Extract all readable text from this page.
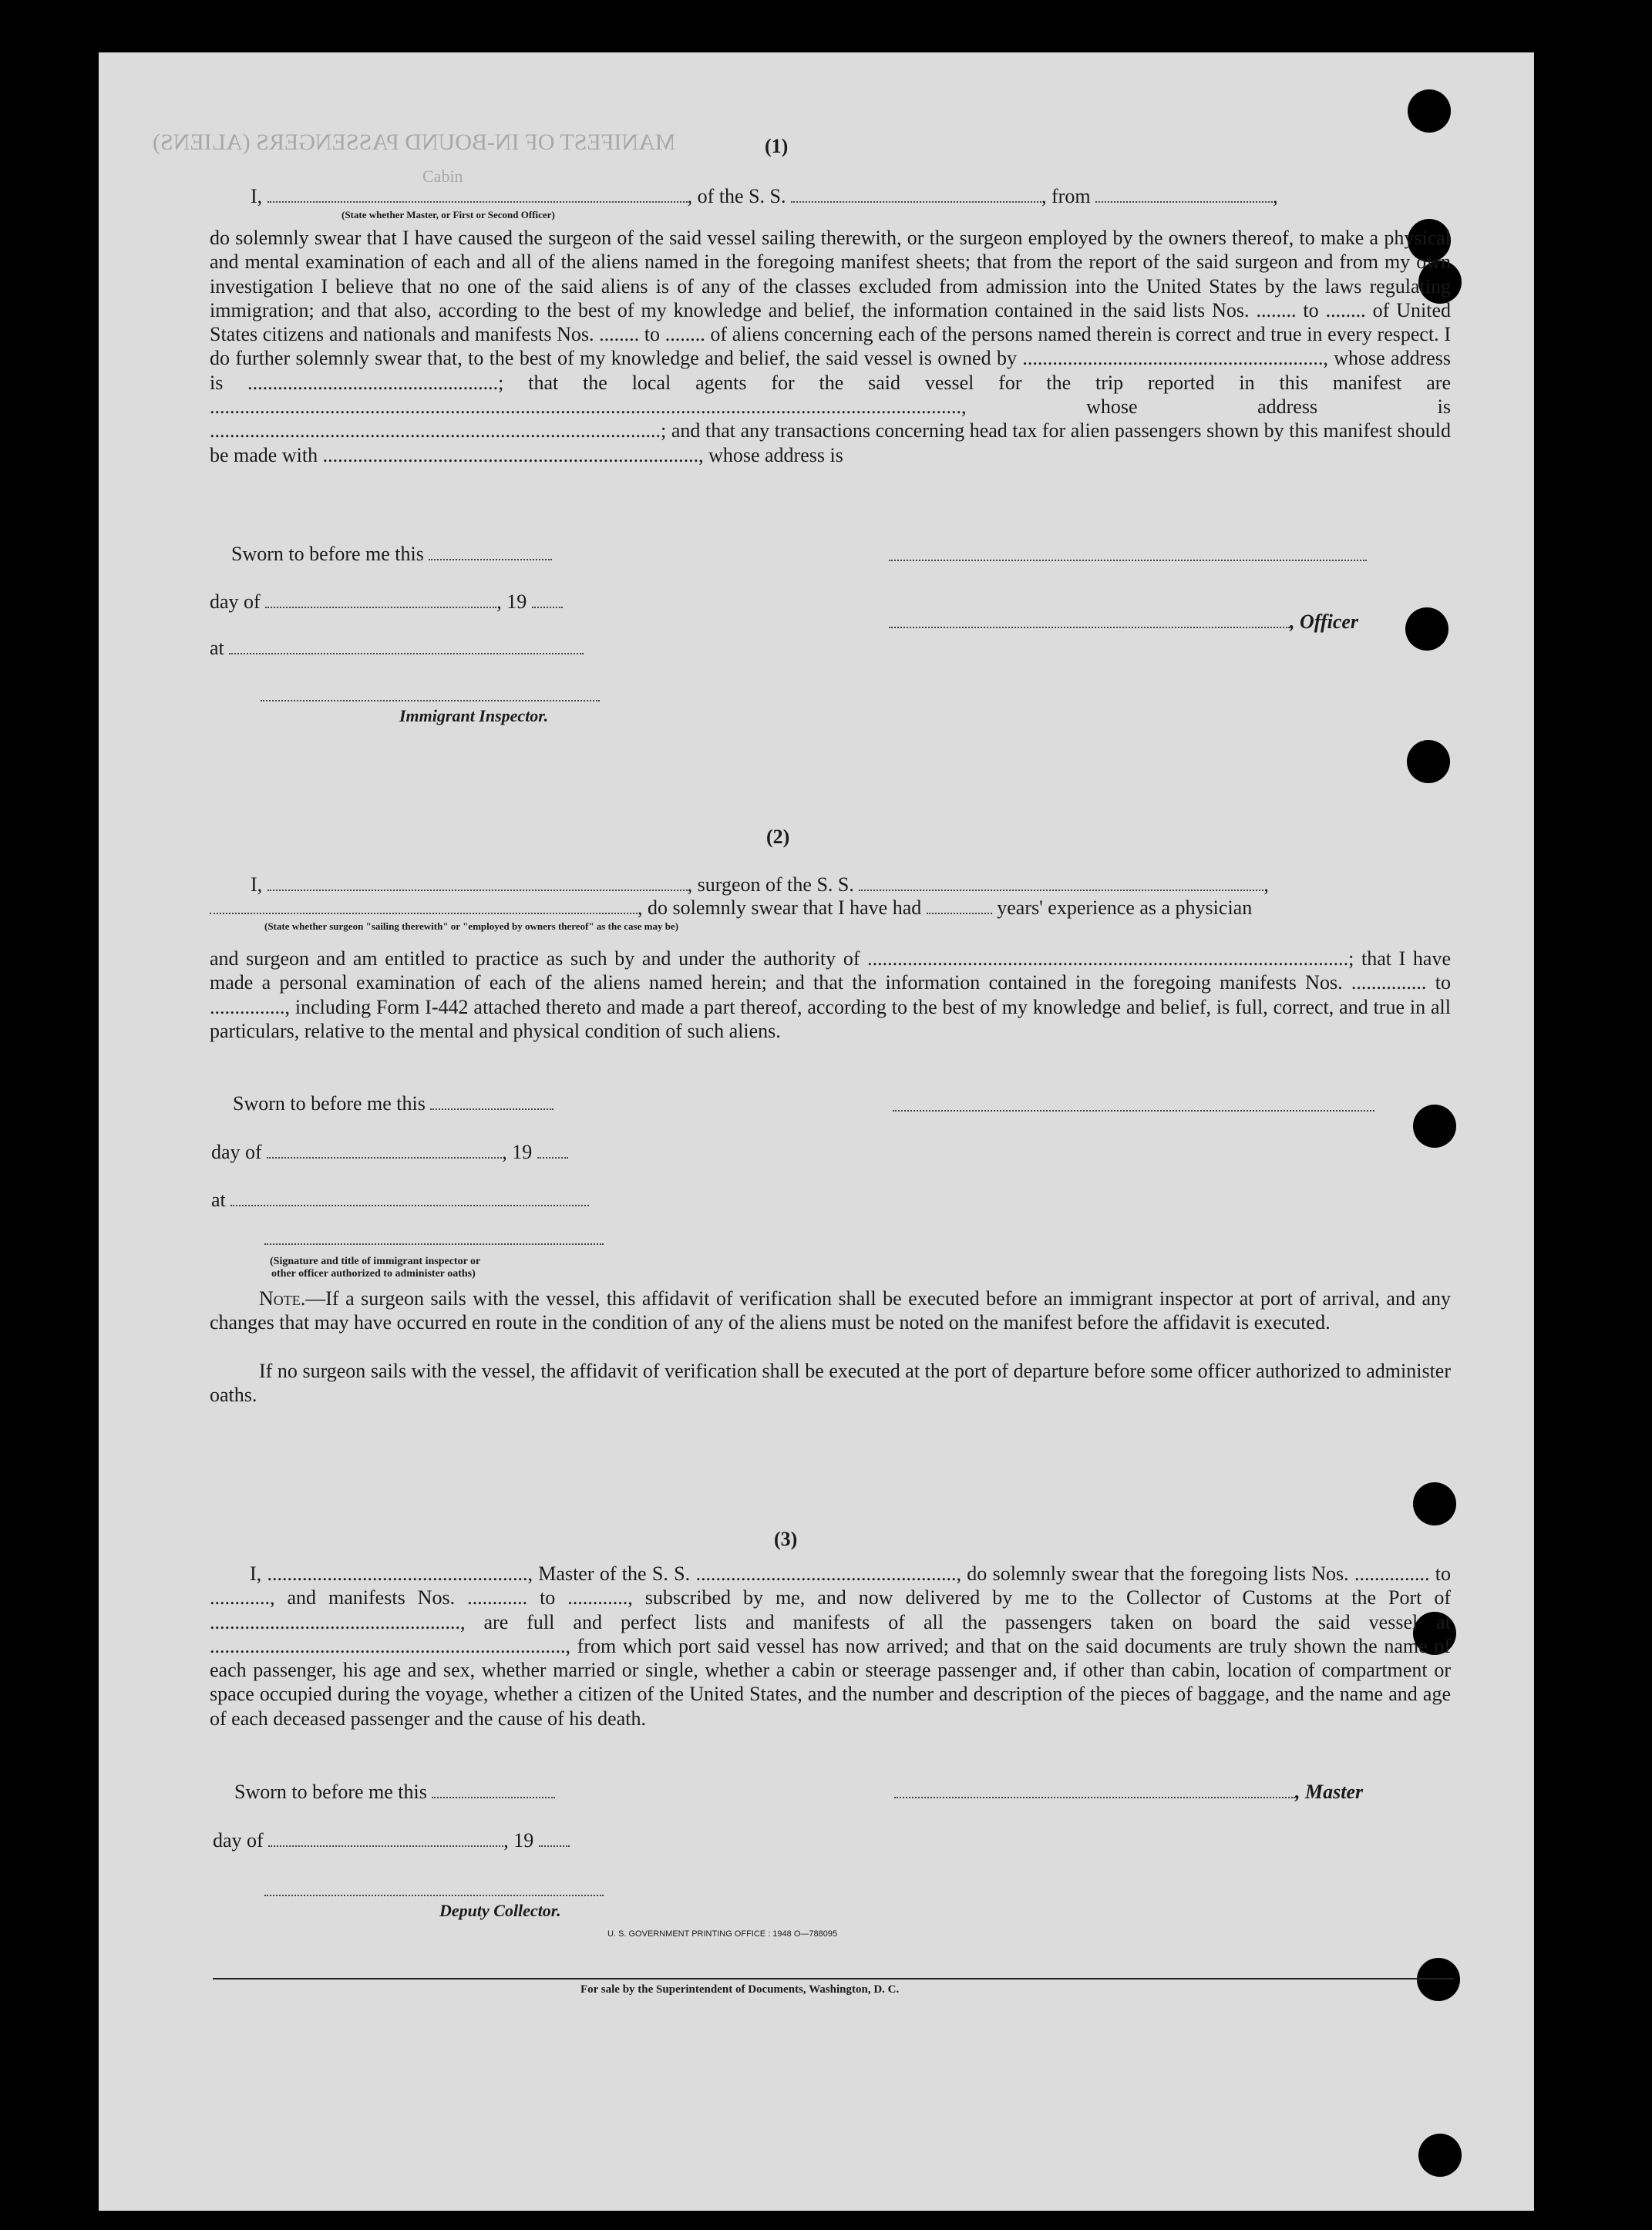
MANIFEST OF IN-BOUND PASSENGERS (ALIENS)
Cabin
(1)
I,	, of the S. S.	, from	,
(State whether Master, or First or Second Officer)
do solemnly swear that I have caused the surgeon of the said vessel sailing therewith, or the surgeon employed by the owners thereof, to make a physical and mental examination of each and all of the aliens named in the foregoing manifest sheets; that from the report of the said surgeon and from my own investigation I believe that no one of the said aliens is of any of the classes excluded from admission into the United States by the laws regulating immigration; and that also, according to the best of my knowledge and belief, the information contained in the said lists Nos. ........ to ........ of United States citizens and nationals and manifests Nos. ........ to ........ of aliens concerning each of the persons named therein is correct and true in every respect. I do further solemnly swear that, to the best of my knowledge and belief, the said vessel is owned by ............................................................, whose address is ..................................................; that the local agents for the said vessel for the trip reported in this manifest are ......................................................................................................................................................, whose address is ..........................................................................................; and that any transactions concerning head tax for alien passengers shown by this manifest should be made with ..........................................................................., whose address is
Sworn to before me this
day of	, 19
, Officer
at
Immigrant Inspector.
(2)
I,	, surgeon of the S. S.	,
, do solemnly swear that I have had	years' experience as a physician
(State whether surgeon "sailing therewith" or "employed by owners thereof" as the case may be)
and surgeon and am entitled to practice as such by and under the authority of ................................................................................................; that I have made a personal examination of each of the aliens named herein; and that the information contained in the foregoing manifests Nos. ............... to ..............., including Form I-442 attached thereto and made a part thereof, according to the best of my knowledge and belief, is full, correct, and true in all particulars, relative to the mental and physical condition of such aliens.
Sworn to before me this
day of	, 19
at
(Signature and title of immigrant inspector or
other officer authorized to administer oaths)
Note.—If a surgeon sails with the vessel, this affidavit of verification shall be executed before an immigrant inspector at port of arrival, and any changes that may have occurred en route in the condition of any of the aliens must be noted on the manifest before the affidavit is executed.
If no surgeon sails with the vessel, the affidavit of verification shall be executed at the port of departure before some officer authorized to administer oaths.
(3)
I, ...................................................., Master of the S. S. ...................................................., do solemnly swear that the foregoing lists Nos. ............... to ............, and manifests Nos. ............ to ............, subscribed by me, and now delivered by me to the Collector of Customs at the Port of .................................................., are full and perfect lists and manifests of all the passengers taken on board the said vessel at ......................................................................., from which port said vessel has now arrived; and that on the said documents are truly shown the name of each passenger, his age and sex, whether married or single, whether a cabin or steerage passenger and, if other than cabin, location of compartment or space occupied during the voyage, whether a citizen of the United States, and the number and description of the pieces of baggage, and the name and age of each deceased passenger and the cause of his death.
Sworn to before me this	, Master
day of	, 19
Deputy Collector.
U. S. GOVERNMENT PRINTING OFFICE : 1948 O—788095
For sale by the Superintendent of Documents, Washington, D. C.
